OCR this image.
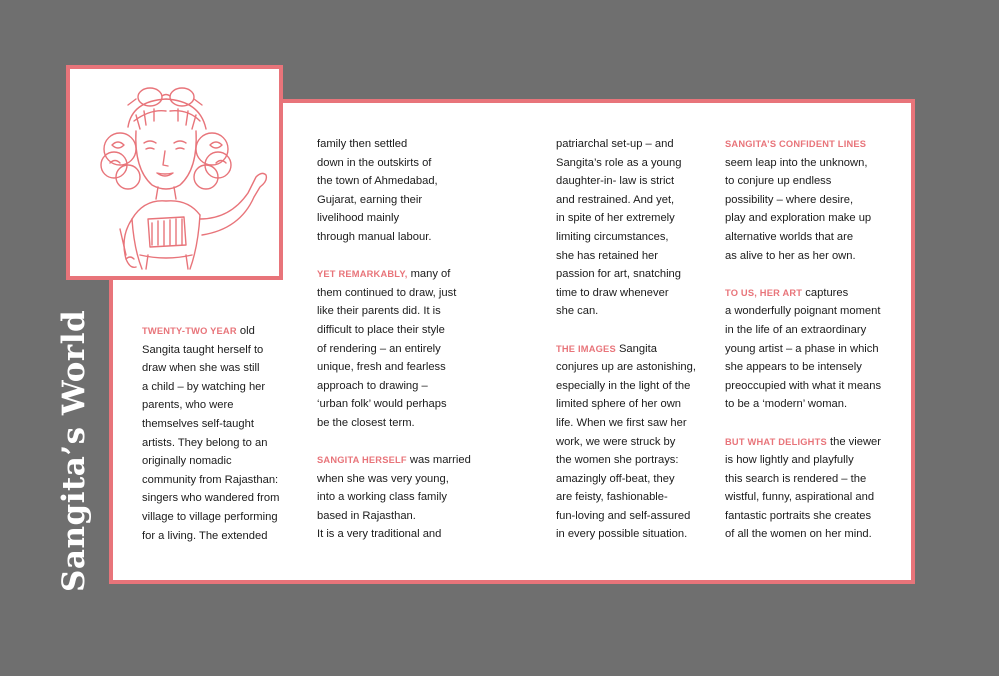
Sangita’s World	TWENTY-TWO YEAR old
Sangita taught herself to
draw when she was still
a child – by watching her
parents, who were
themselves self-taught
artists. They belong to an
originally nomadic
community from Rajasthan:
singers who wandered from
village to village performing
for a living. The extended
family then settled
down in the outskirts of
the town of Ahmedabad,
Gujarat, earning their
livelihood mainly
through manual labour.
YET REMARKABLY, many of
them continued to draw, just
like their parents did. It is
difficult to place their style
of rendering – an entirely
unique, fresh and fearless
approach to drawing –
‘urban folk’ would perhaps
be the closest term.
SANGITA HERSELF was married
when she was very young,
into a working class family
based in Rajasthan.
It is a very traditional and
patriarchal set-up – and
Sangita’s role as a young
daughter-in- law is strict
and restrained. And yet,
in spite of her extremely
limiting circumstances,
she has retained her
passion for art, snatching
time to draw whenever
she can.
THE IMAGES Sangita
conjures up are astonishing,
especially in the light of the
limited sphere of her own
life. When we first saw her
work, we were struck by
the women she portrays:
amazingly off-beat, they
are feisty, fashionable-
fun-loving and self-assured
in every possible situation.
SANGITA’S CONFIDENT LINES
seem leap into the unknown,
to conjure up endless
possibility – where desire,
play and exploration make up
alternative worlds that are
as alive to her as her own.
TO US, HER ART captures
a wonderfully poignant moment
in the life of an extraordinary
young artist – a phase in which
she appears to be intensely
preoccupied with what it means
to be a ‘modern’ woman.
BUT WHAT DELIGHTS the viewer
is how lightly and playfully
this search is rendered – the
wistful, funny, aspirational and
fantastic portraits she creates
of all the women on her mind.
